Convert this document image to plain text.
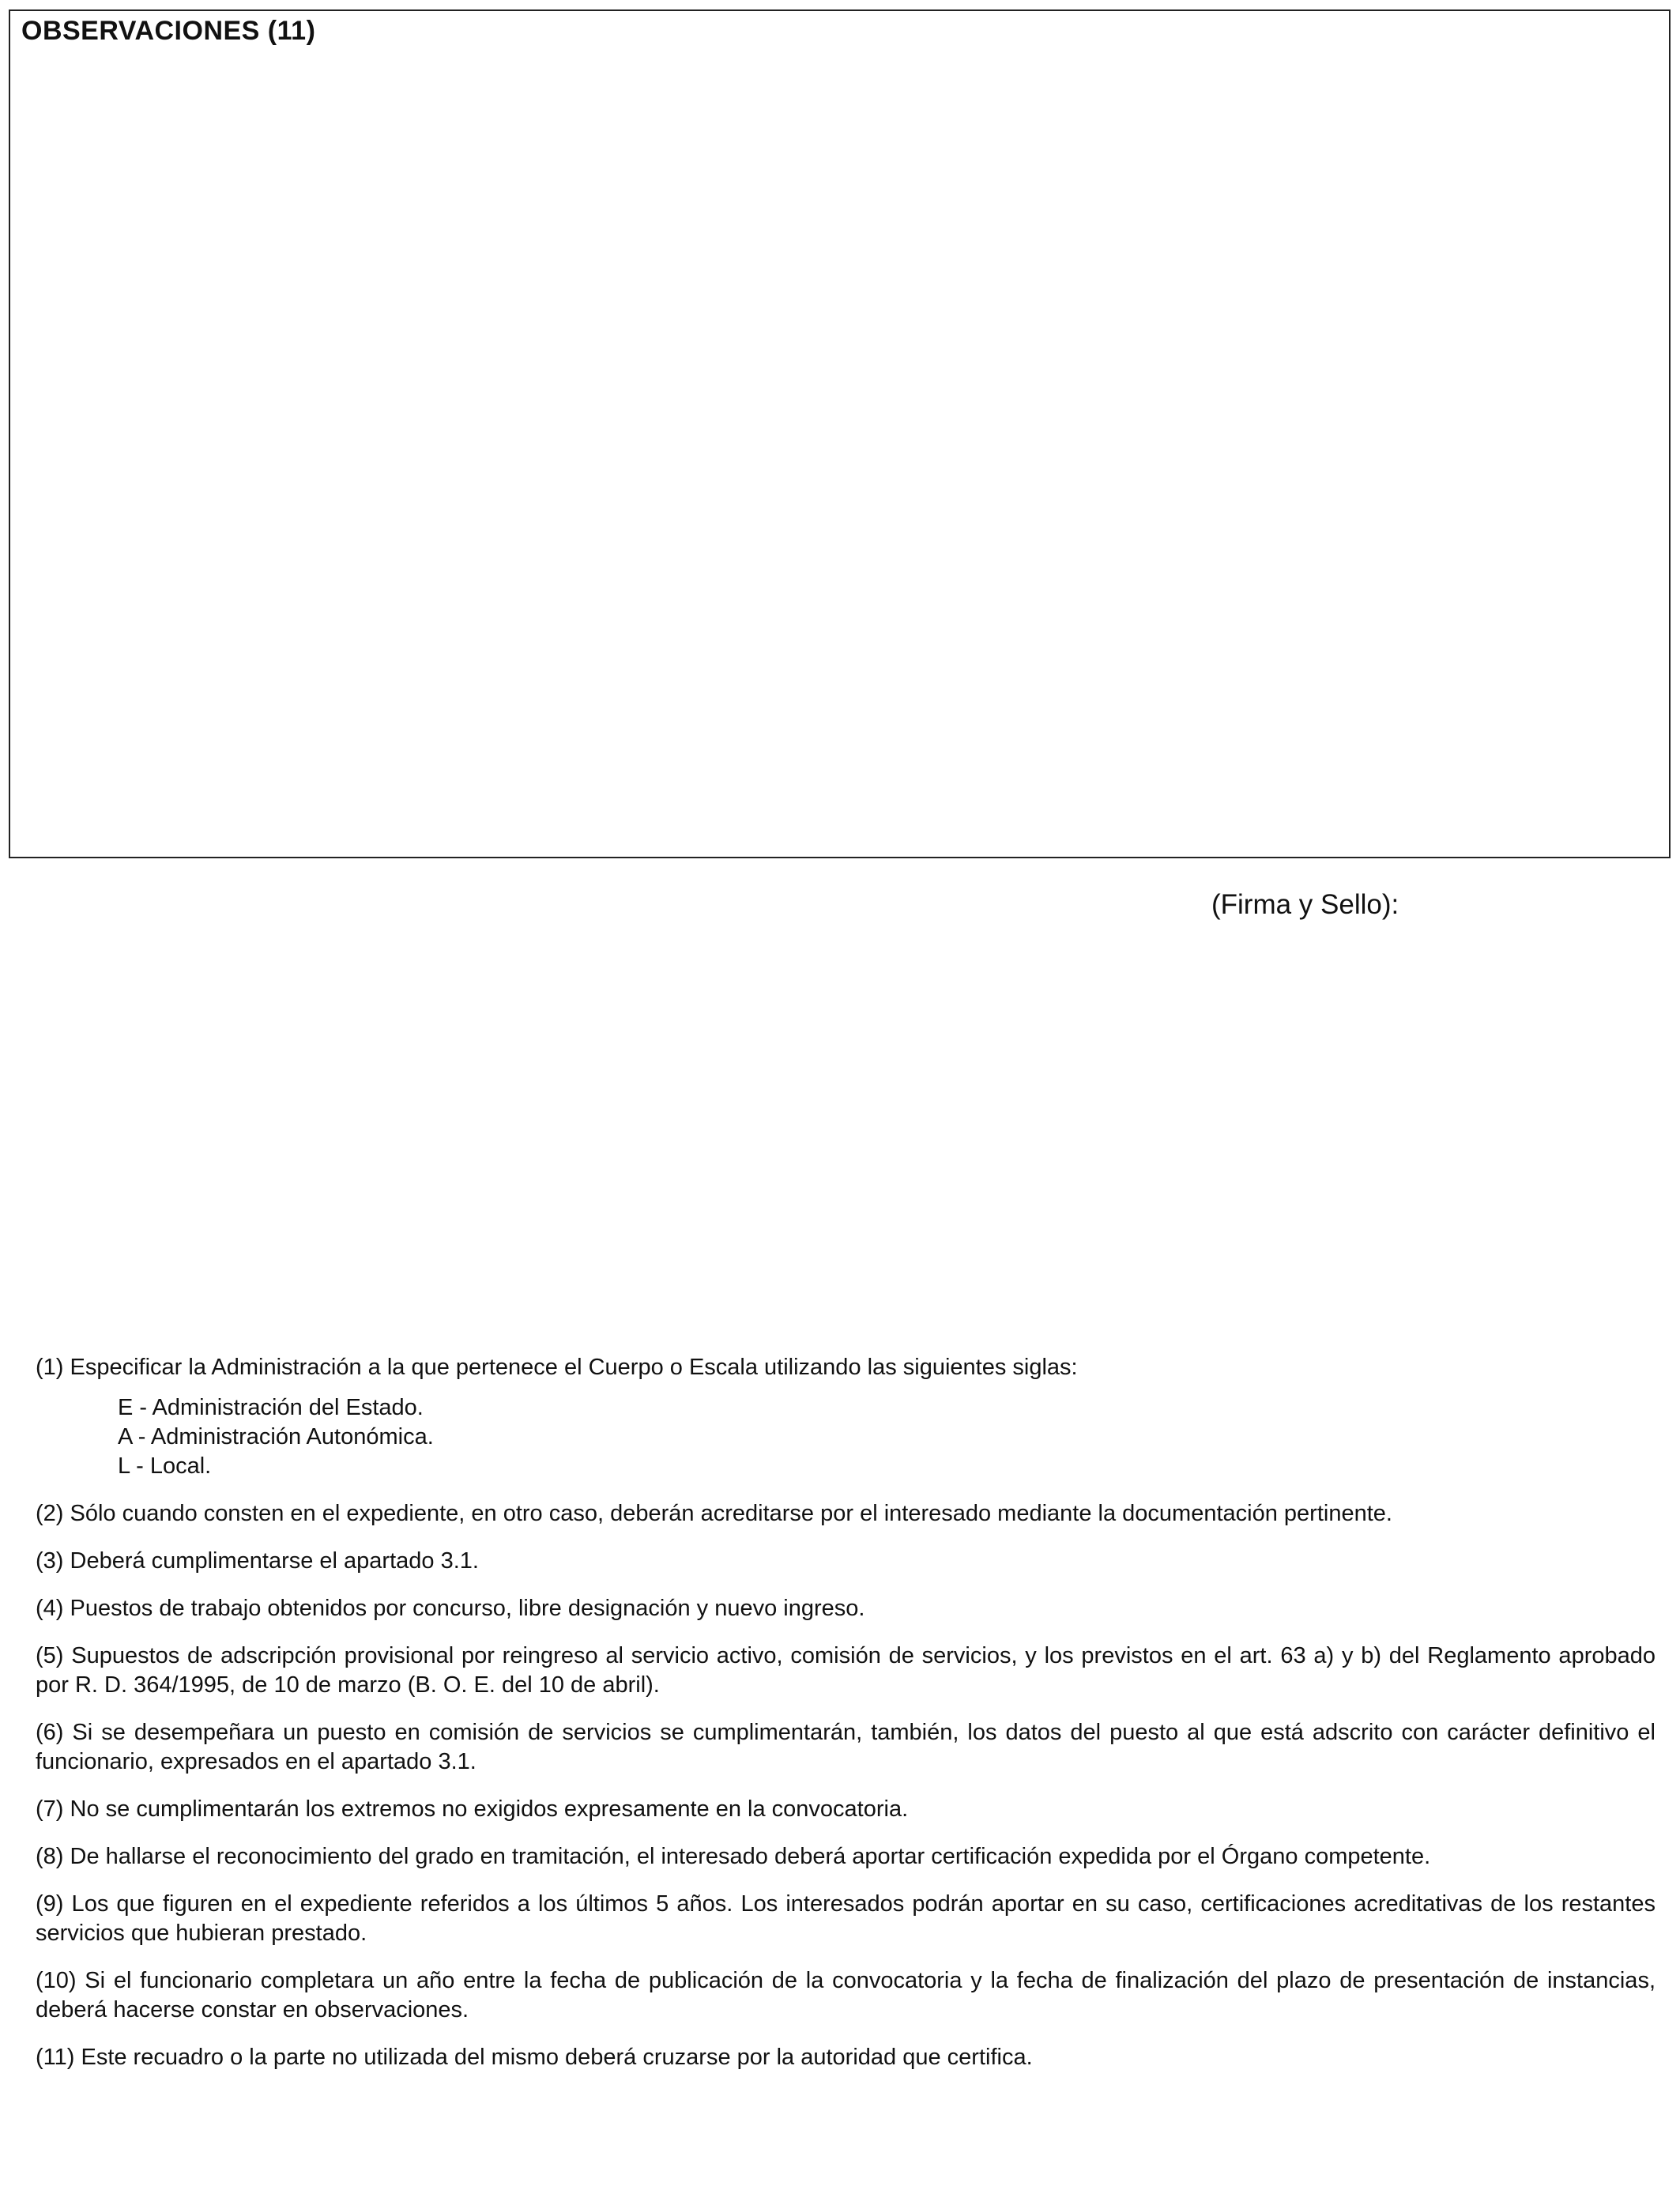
OBSERVACIONES (11)

(Firma y Sello):

(1) Especificar la Administración a la que pertenece el Cuerpo o Escala utilizando las siguientes siglas:

E - Administración del Estado.
A - Administración Autonómica.
L - Local.

(2) Sólo cuando consten en el expediente, en otro caso, deberán acreditarse por el interesado mediante la documentación pertinente.

(3) Deberá cumplimentarse el apartado 3.1.

(4) Puestos de trabajo obtenidos por concurso, libre designación y nuevo ingreso.

(5) Supuestos de adscripción provisional por reingreso al servicio activo, comisión de servicios, y los previstos en el art. 63 a) y b) del Reglamento aprobado por R. D. 364/1995, de 10 de marzo (B. O. E. del 10 de abril).

(6) Si se desempeñara un puesto en comisión de servicios se cumplimentarán, también, los datos del puesto al que está adscrito con carácter definitivo el funcionario, expresados en el apartado 3.1.

(7) No se cumplimentarán los extremos no exigidos expresamente en la convocatoria.

(8) De hallarse el reconocimiento del grado en tramitación, el interesado deberá aportar certificación expedida por el Órgano competente.

(9) Los que figuren en el expediente referidos a los últimos 5 años. Los interesados podrán aportar en su caso, certificaciones acreditativas de los restantes servicios que hubieran prestado.

(10) Si el funcionario completara un año entre la fecha de publicación de la convocatoria y la fecha de finalización del plazo de presentación de instancias, deberá hacerse constar en observaciones.

(11) Este recuadro o la parte no utilizada del mismo deberá cruzarse por la autoridad que certifica.
